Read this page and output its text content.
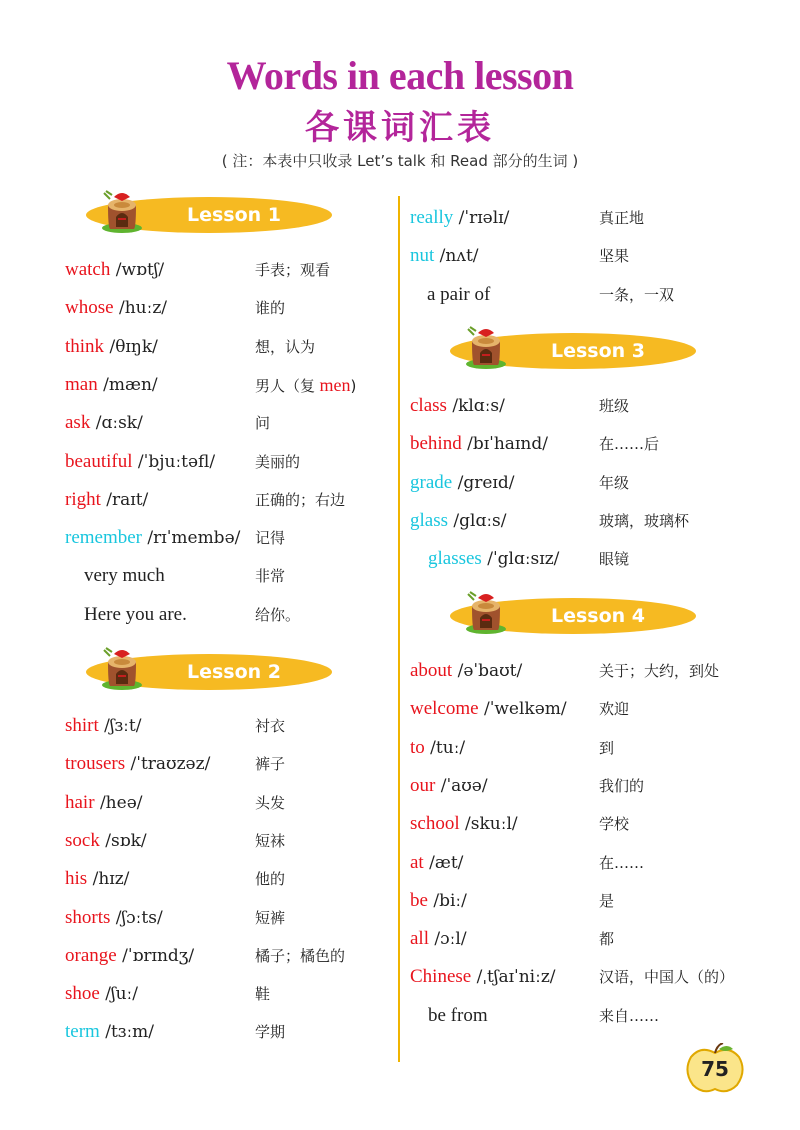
Words in each lesson
各课词汇表
( 注：本表中只收录 Let’s talk 和 Read 部分的生词 )
Lesson 1
watch /wɒtʃ/	手表；观看
whose /huːz/	谁的
think /θɪŋk/	想，认为
man /mæn/	男人（复 men)
ask /ɑːsk/	问
beautiful /ˈbjuːtəfl/	美丽的
right /raɪt/	正确的；右边
remember /rɪˈmembə/ 记得
very much	非常
Here you are.	给你。
Lesson 2
shirt /ʃɜːt/	衬衣
trousers /ˈtraʊzəz/	裤子
hair /heə/	头发
sock /sɒk/	短袜
his /hɪz/	他的
shorts /ʃɔːts/	短裤
orange /ˈɒrɪndʒ/	橘子；橘色的
shoe /ʃuː/	鞋
term /tɜːm/	学期
really /ˈrɪəlɪ/	真正地
nut /nʌt/	坚果
a pair of	一条，一双
Lesson 3
class /klɑːs/	班级
behind /bɪˈhaɪnd/	在……后
grade /greɪd/	年级
glass /glɑːs/	玻璃，玻璃杯
glasses /ˈglɑːsɪz/	眼镜
Lesson 4
about /əˈbaʊt/	关于；大约，到处
welcome /ˈwelkəm/ 欢迎
to /tuː/	到
our /ˈaʊə/	我们的
school /skuːl/	学校
at /æt/	在……
be /biː/	是
all /ɔːl/	都
Chinese /ˌtʃaɪˈniːz/	汉语，中国人（的）
be from	来自……
75
